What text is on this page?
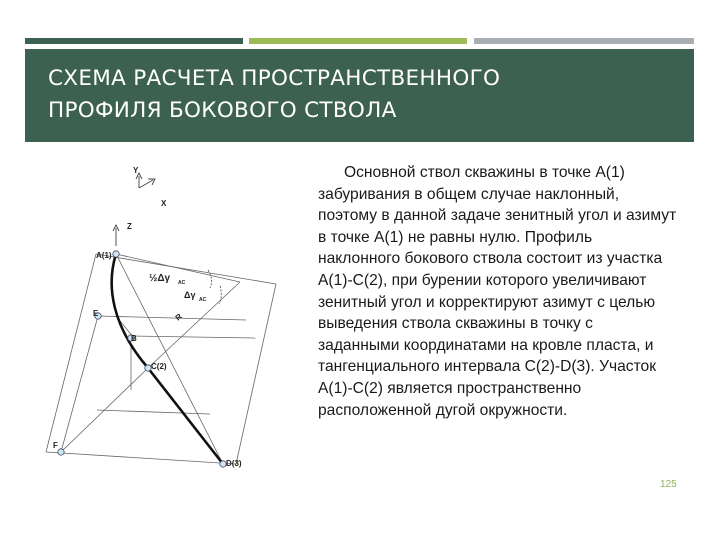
СХЕМА РАСЧЕТА ПРОСТРАНСТВЕННОГО
ПРОФИЛЯ БОКОВОГО СТВОЛА
Y
X
Z
A(1)
E
B
C(2)
F
D(3)
R
½Δγ AC
Δγ AC

Основной ствол скважины в точке А(1) забуривания в общем случае наклонный, поэтому в данной задаче зенитный угол и азимут в точке А(1) не равны нулю. Профиль наклонного бокового ствола состоит из участка А(1)-С(2), при бурении которого увеличивают зенитный угол и корректируют азимут с целью выведения ствола скважины в точку с заданными координатами на кровле пласта, и тангенциального интервала С(2)-D(3). Участок А(1)-С(2) является пространственно расположенной дугой окружности.

125
